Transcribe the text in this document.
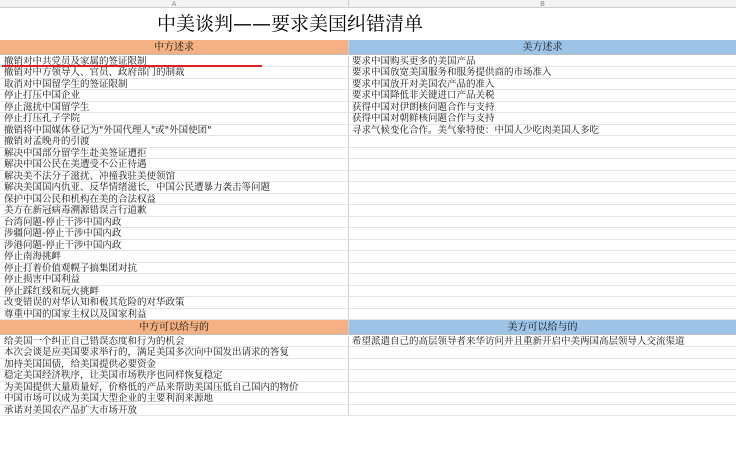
A	B
中美谈判——要求美国纠错清单
中方述求	美方述求
撤销对中共党员及家属的签证限制	要求中国购买更多的美国产品
撤销对中方领导人、官员、政府部门的制裁	要求中国放宽美国服务和服务提供商的市场准入
取消对中国留学生的签证限制	要求中国放开对美国农产品的准入
停止打压中国企业	要求中国降低非关键进口产品关税
停止滋扰中国留学生	获得中国对伊朗核问题合作与支持
停止打压孔子学院	获得中国对朝鲜核问题合作与支持
撤销将中国媒体登记为"外国代理人"或"外国使团"	寻求气候变化合作。美气象特使：中国人少吃肉美国人多吃
撤销对孟晚舟的引渡
解决中国部分留学生赴美签证遭拒
解决中国公民在美遭受不公正待遇
解决美不法分子滋扰、冲撞我驻美使领馆
解决美国国内仇亚、反华情绪滋长，中国公民遭暴力袭击等问题
保护中国公民和机构在美的合法权益
美方在新冠病毒溯源错误言行道歉
台湾问题-停止干涉中国内政
涉疆问题-停止干涉中国内政
涉港问题-停止干涉中国内政
停止南海挑衅
停止打着价值观幌子搞集团对抗
停止损害中国利益
停止踩红线和玩火挑衅
改变错误的对华认知和极其危险的对华政策
尊重中国的国家主权以及国家利益
中方可以给与的	美方可以给与的
给美国一个纠正自己错误态度和行为的机会	希望派遣自己的高层领导者来华访问并且重新开启中美两国高层领导人交流渠道
本次会谈是应美国要求举行的，满足美国多次向中国发出请求的答复
加持美国国债，给美国提供必要资金
稳定美国经济秩序，让美国市场秩序也同样恢复稳定
为美国提供大量质量好，价格低的产品来帮助美国压低自己国内的物价
中国市场可以成为美国大型企业的主要利润来源地
承诺对美国农产品扩大市场开放
